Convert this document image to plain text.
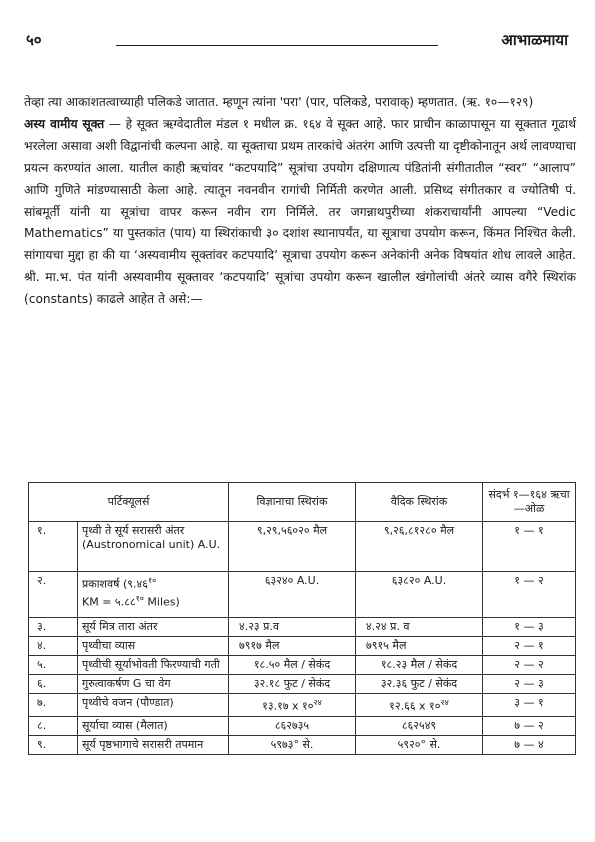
५०	आभाळमाया

तेव्हा त्या आकाशतत्वाच्याही पलिकडे जातात. म्हणून त्यांना 'परा' (पार, पलिकडे, परावाक्) म्हणतात. (ऋ. १०—१२९)

अस्य वामीय सूक्त — हे सूक्त ऋग्वेदातील मंडल १ मधील क्र. १६४ वे सूक्त आहे. फार प्राचीन काळापासून या सूक्तात गूढार्थ भरलेला असावा अशी विद्वानांची कल्पना आहे. या सूक्ताचा प्रथम तारकांचे अंतरंग आणि उत्पत्ती या दृष्टीकोनातून अर्थ लावण्याचा प्रयत्न करण्यांत आला. यातील काही ऋचांवर “कटपयादि” सूत्रांचा उपयोग दक्षिणात्य पंडितांनी संगीतातील “स्वर” “आलाप” आणि गुणिते मांडण्यासाठी केला आहे. त्यातून नवनवीन रागांची निर्मिती करणेत आली. प्रसिध्द संगीतकार व ज्योतिषी पं. सांबमूर्ती यांनी या सूत्रांचा वापर करून नवीन राग निर्मिले. तर जगन्नाथपुरीच्या शंकराचार्यांनी आपल्या “Vedic Mathematics” या पुस्तकांत (पाय) या स्थिरांकाची ३० दशांश स्थानापर्यंत, या सूत्राचा उपयोग करून, किंमत निश्चित केली. सांगायचा मुद्दा हा की या ‘अस्यवामीय सूक्तांवर कटपयादि’ सूत्राचा उपयोग करून अनेकांनी अनेक विषयांत शोध लावले आहेत. श्री. मा.भ. पंत यांनी अस्यवामीय सूक्तावर ‘कटपयादि’ सूत्रांचा उपयोग करून खालील खंगोलांची अंतरे व्यास वगैरे स्थिरांक (constants) काढले आहेत ते असे:—

पर्टिक्यूलर्स		विज्ञानाचा स्थिरांक	वैदिक स्थिरांक	संदर्भ १—१६४ ऋचा—ओळ
१.	पृथ्वी ते सूर्य सरासरी अंतर (Austronomical unit) A.U.	९,२९,५६०२० मैल	९,२६,८१२८० मैल	१ — १
२.	प्रकाशवर्ष (९.४६$^{१०}$
KM = $५.८८^{१०}$ Miles)	६३२४० A.U.	६३८२० A.U.	१ — २
३.	सूर्य मित्र तारा अंतर	४.२३ प्र.व	४.२४ प्र. व	१ — ३
४.	पृथ्वीचा व्यास	७९१७ मैल	७९१५ मैल	२ — १
५.	पृथ्वीची सूर्याभोवती फिरण्याची गती	१८.५० मैल / सेकंद	१८.२३ मैल / सेकंद	२ — २
६.	गुरुत्वाकर्षण G चा वेग	३२.१८ फुट / सेकंद	३२.३६ फुट / सेकंद	२ — ३
७.	पृथ्वीचे वजन (पौण्डात)	१३.१७ x $१०^{२४}$	१२.६६ x $१०^{२४}$	३ — १
८.	सूर्याचा व्यास (मैलात)	८६२७३५	८६२५४९	७ — २
९.	सूर्य पृष्ठभागाचे सरासरी तपमान	५९७३° से.	५९२०° से.	७ — ४
